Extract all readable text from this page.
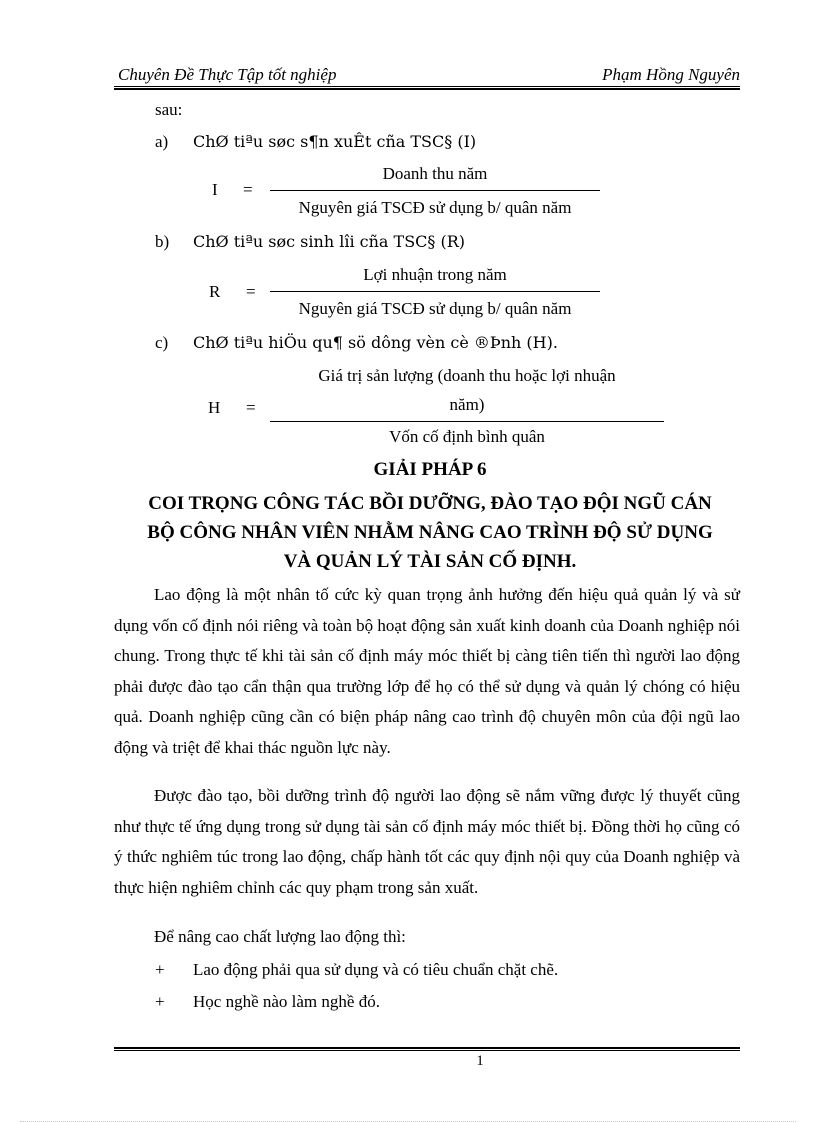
Chuyên Đề Thực Tập tốt nghiệp	Phạm Hồng Nguyên
sau:
a) ChØ tiªu søc s¶n xuÊt cña TSC§ (I)
I =
Doanh thu năm
Nguyên giá TSCĐ sử dụng b/ quân năm
b) ChØ tiªu søc sinh lîi cña TSC§ (R)
R =
Lợi nhuận trong năm
Nguyên giá TSCĐ sử dụng b/ quân năm
c) ChØ tiªu hiÖu qu¶ sö dông vèn cè ®Þnh (H).
H =
Giá trị sản lượng (doanh thu hoặc lợi nhuận
năm)
Vốn cố định bình quân
GIẢI PHÁP 6
COI TRỌNG CÔNG TÁC BỒI DƯỠNG, ĐÀO TẠO ĐỘI NGŨ CÁN
BỘ CÔNG NHÂN VIÊN NHẰM NÂNG CAO TRÌNH ĐỘ SỬ DỤNG
VÀ QUẢN LÝ TÀI SẢN CỐ ĐỊNH.

Lao động là một nhân tố cức kỳ quan trọng ảnh hưởng đến hiệu quả quản lý và sử dụng vốn cố định nói riêng và toàn bộ hoạt động sản xuất kinh doanh của Doanh nghiệp nói chung. Trong thực tế khi tài sản cố định máy móc thiết bị càng tiên tiến thì người lao động phải được đào tạo cẩn thận qua trường lớp để họ có thể sử dụng và quản lý chóng có hiệu quả. Doanh nghiệp cũng cần có biện pháp nâng cao trình độ chuyên môn của đội ngũ lao động và triệt để khai thác nguồn lực này.

Được đào tạo, bồi dưỡng trình độ người lao động sẽ nắm vững được lý thuyết cũng như thực tế ứng dụng trong sử dụng tài sản cố định máy móc thiết bị. Đồng thời họ cũng có ý thức nghiêm túc trong lao động, chấp hành tốt các quy định nội quy của Doanh nghiệp và thực hiện nghiêm chỉnh các quy phạm trong sản xuất.

Để nâng cao chất lượng lao động thì:

+ Lao động phải qua sử dụng và có tiêu chuẩn chặt chẽ.
+ Học nghề nào làm nghề đó.
1
